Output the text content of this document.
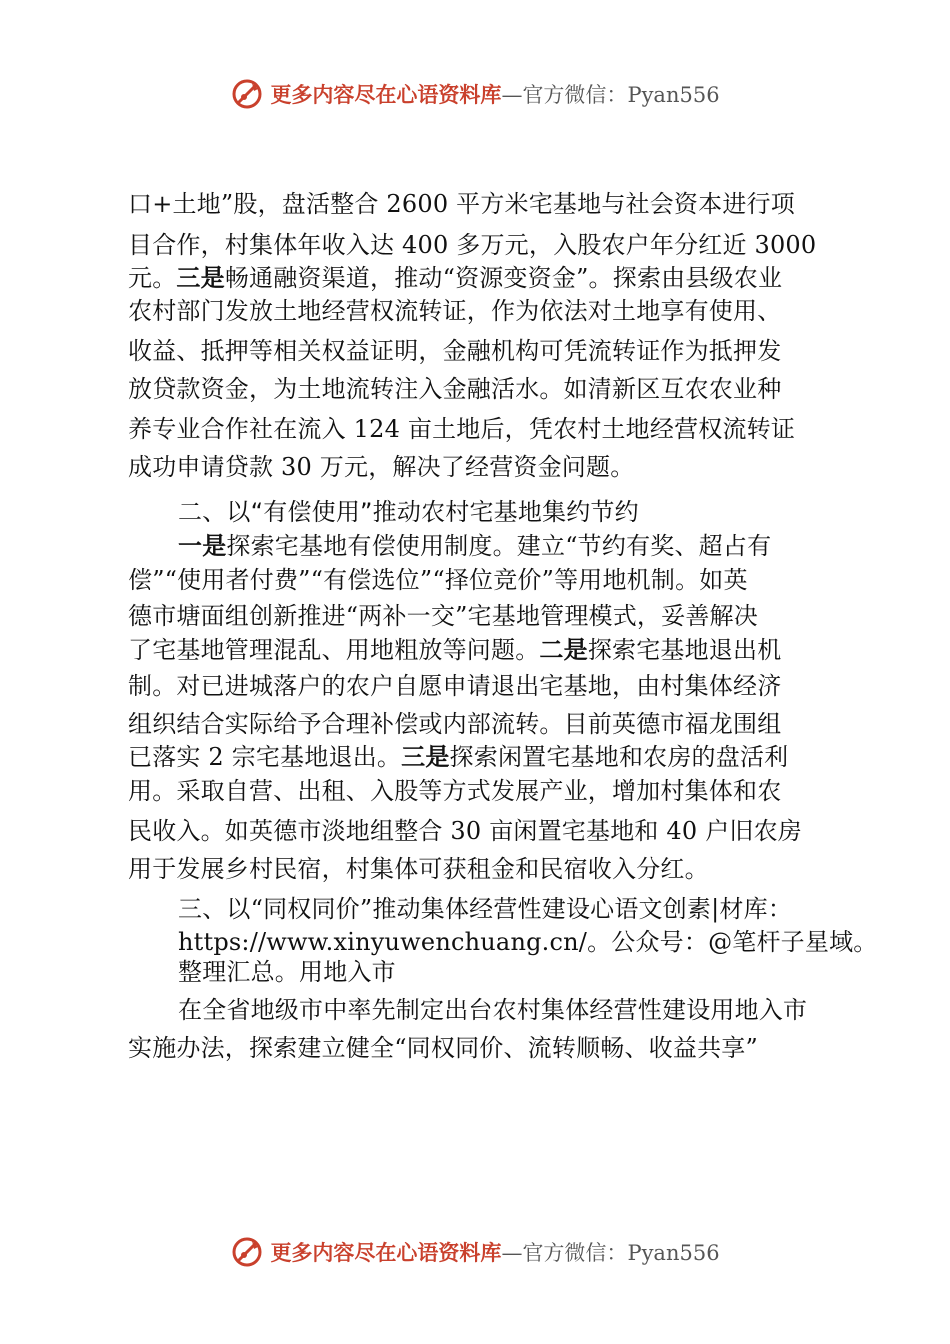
更多内容尽在心语资料库—官方微信：Pyan556
口+土地”股，盘活整合 2600 平方米宅基地与社会资本进行项
目合作，村集体年收入达 400 多万元，入股农户年分红近 3000
元。三是畅通融资渠道，推动“资源变资金”。探索由县级农业
农村部门发放土地经营权流转证，作为依法对土地享有使用、
收益、抵押等相关权益证明，金融机构可凭流转证作为抵押发
放贷款资金，为土地流转注入金融活水。如清新区互农农业种
养专业合作社在流入 124 亩土地后，凭农村土地经营权流转证
成功申请贷款 30 万元，解决了经营资金问题。
二、以“有偿使用”推动农村宅基地集约节约
一是探索宅基地有偿使用制度。建立“节约有奖、超占有
偿”“使用者付费”“有偿选位”“择位竞价”等用地机制。如英
德市塘面组创新推进“两补一交”宅基地管理模式，妥善解决
了宅基地管理混乱、用地粗放等问题。二是探索宅基地退出机
制。对已进城落户的农户自愿申请退出宅基地，由村集体经济
组织结合实际给予合理补偿或内部流转。目前英德市福龙围组
已落实 2 宗宅基地退出。三是探索闲置宅基地和农房的盘活利
用。采取自营、出租、入股等方式发展产业，增加村集体和农
民收入。如英德市淡地组整合 30 亩闲置宅基地和 40 户旧农房
用于发展乡村民宿，村集体可获租金和民宿收入分红。
三、以“同权同价”推动集体经营性建设心语文创素|材库：
https://www.xinyuwenchuang.cn/。公众号：@笔杆子星域。
整理汇总。用地入市
在全省地级市中率先制定出台农村集体经营性建设用地入市
实施办法，探索建立健全“同权同价、流转顺畅、收益共享”
更多内容尽在心语资料库—官方微信：Pyan556
